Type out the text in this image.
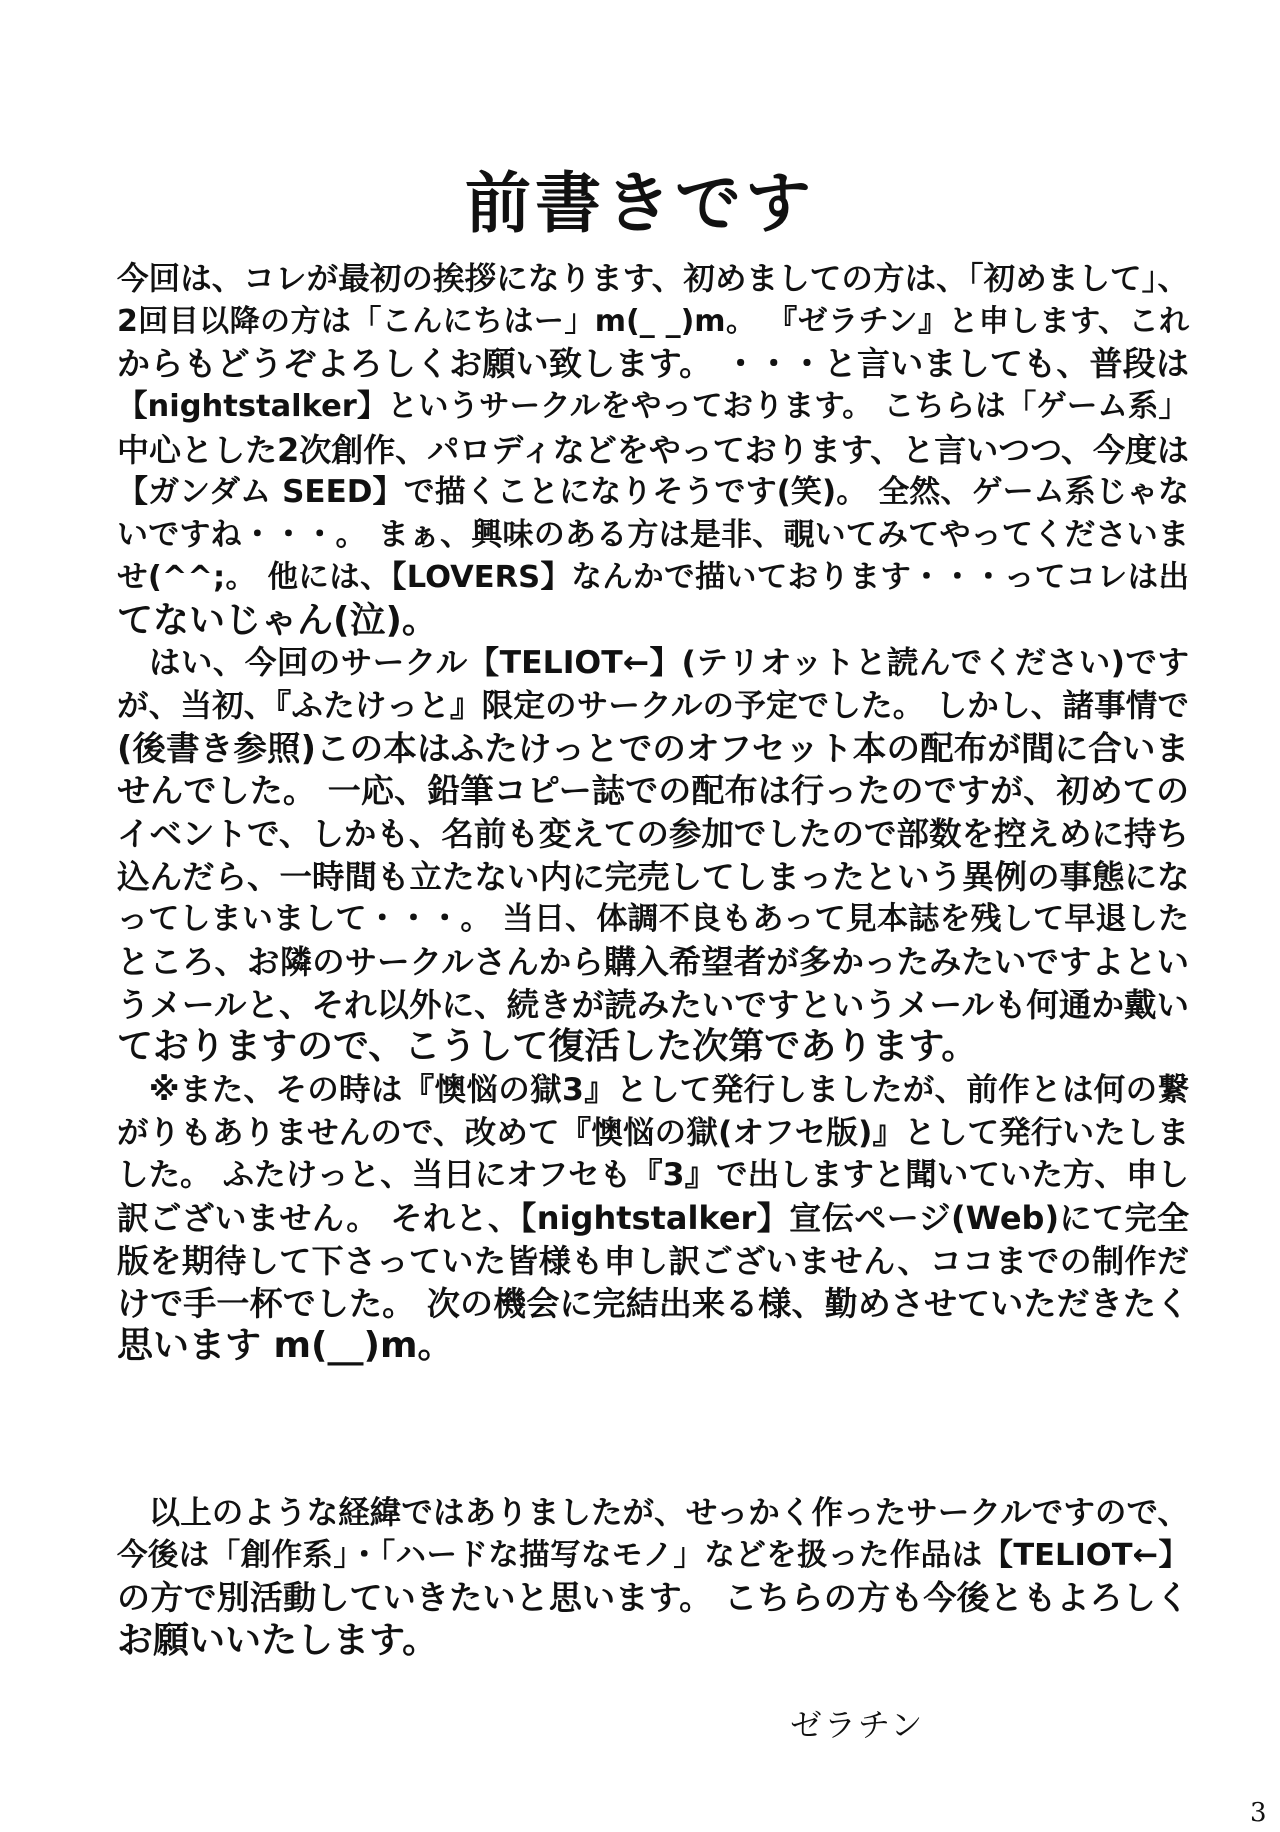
前書きです
今回は、コレが最初の挨拶になります、初めましての方は、「初めまして」、
2回目以降の方は「こんにちはー」m(_ _)m。 『ゼラチン』と申します、これ
からもどうぞよろしくお願い致します。 ・・・と言いましても、普段は
【nightstalker】というサークルをやっております。 こちらは「ゲーム系」
中心とした2次創作、パロディなどをやっております、と言いつつ、今度は
【ガンダム SEED】で描くことになりそうです(笑)。 全然、ゲーム系じゃな
いですね・・・。 まぁ、興味のある方は是非、覗いてみてやってくださいま
せ(^^;。 他には、【LOVERS】なんかで描いております・・・ってコレは出
てないじゃん(泣)。
　はい、今回のサークル【TELIOT←】(テリオットと読んでください)です
が、当初、『ふたけっと』限定のサークルの予定でした。 しかし、諸事情で
(後書き参照)この本はふたけっとでのオフセット本の配布が間に合いま
せんでした。 一応、鉛筆コピー誌での配布は行ったのですが、初めての
イベントで、しかも、名前も変えての参加でしたので部数を控えめに持ち
込んだら、一時間も立たない内に完売してしまったという異例の事態にな
ってしまいまして・・・。 当日、体調不良もあって見本誌を残して早退した
ところ、お隣のサークルさんから購入希望者が多かったみたいですよとい
うメールと、それ以外に、続きが読みたいですというメールも何通か戴い
ておりますので、こうして復活した次第であります。
　※また、その時は『懊悩の獄3』として発行しましたが、前作とは何の繋
がりもありませんので、改めて『懊悩の獄(オフセ版)』として発行いたしま
した。 ふたけっと、当日にオフセも『3』で出しますと聞いていた方、申し
訳ございません。 それと、【nightstalker】宣伝ページ(Web)にて完全
版を期待して下さっていた皆様も申し訳ございません、ココまでの制作だ
けで手一杯でした。 次の機会に完結出来る様、勤めさせていただきたく
思います m(__)m。
　以上のような経緯ではありましたが、せっかく作ったサークルですので、
今後は「創作系」・「ハードな描写なモノ」などを扱った作品は【TELIOT←】
の方で別活動していきたいと思います。 こちらの方も今後ともよろしく
お願いいたします。
ゼラチン
3
